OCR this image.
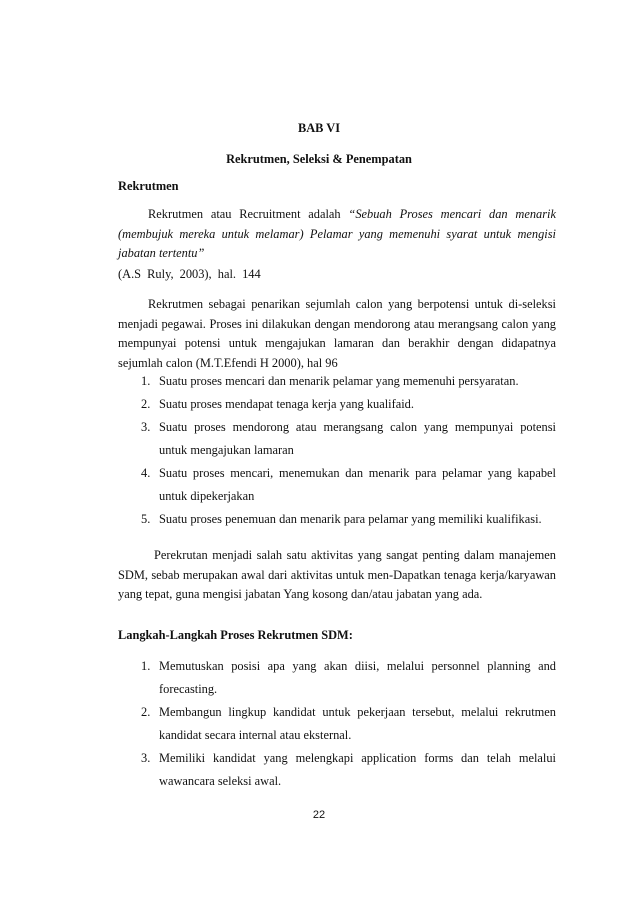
BAB VI
Rekrutmen, Seleksi & Penempatan
Rekrutmen

Rekrutmen atau Recruitment adalah “Sebuah Proses mencari dan menarik (membujuk mereka untuk melamar) Pelamar yang memenuhi syarat untuk mengisi jabatan tertentu”

(A.S Ruly, 2003), hal. 144

Rekrutmen sebagai penarikan sejumlah calon yang berpotensi untuk di-seleksi menjadi pegawai. Proses ini dilakukan dengan mendorong atau merangsang calon yang mempunyai potensi untuk mengajukan lamaran dan berakhir dengan didapatnya sejumlah calon (M.T.Efendi H 2000), hal 96

1. Suatu proses mencari dan menarik pelamar yang memenuhi persyaratan.
2. Suatu proses mendapat tenaga kerja yang kualifaid.
3. Suatu proses mendorong atau merangsang calon yang mempunyai potensi untuk mengajukan lamaran
4. Suatu proses mencari, menemukan dan menarik para pelamar yang kapabel untuk dipekerjakan
5. Suatu proses penemuan dan menarik para pelamar yang memiliki kualifikasi.

Perekrutan menjadi salah satu aktivitas yang sangat penting dalam manajemen SDM, sebab merupakan awal dari aktivitas untuk men-Dapatkan tenaga kerja/karyawan yang tepat, guna mengisi jabatan Yang kosong dan/atau jabatan yang ada.

Langkah-Langkah Proses Rekrutmen SDM:
1. Memutuskan posisi apa yang akan diisi, melalui personnel planning and forecasting.
2. Membangun lingkup kandidat untuk pekerjaan tersebut, melalui rekrutmen kandidat secara internal atau eksternal.
3. Memiliki kandidat yang melengkapi application forms dan telah melalui wawancara seleksi awal.
22
